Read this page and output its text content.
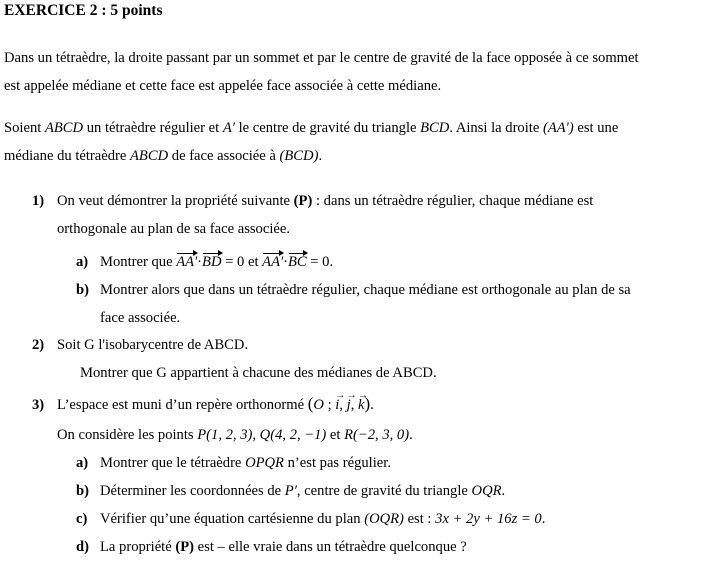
EXERCICE 2 : 5 points
Dans un tétraèdre, la droite passant par un sommet et par le centre de gravité de la face opposée à ce sommet
est appelée médiane et cette face est appelée face associée à cette médiane.
Soient ABCD un tétraèdre régulier et A′ le centre de gravité du triangle BCD. Ainsi la droite (AA′) est une
médiane du tétraèdre ABCD de face associée à (BCD).
1) On veut démontrer la propriété suivante (P) : dans un tétraèdre régulier, chaque médiane est
orthogonale au plan de sa face associée.
a) Montrer que AA'·BD = 0 et AA'·BC = 0.
b) Montrer alors que dans un tétraèdre régulier, chaque médiane est orthogonale au plan de sa
face associée.
2) Soit G l'isobarycentre de ABCD.
Montrer que G appartient à chacune des médianes de ABCD.
3) L’espace est muni d’un repère orthonormé (O ;
→
i,
→
j,
→
k).
On considère les points P(1, 2, 3), Q(4, 2, −1) et R(−2, 3, 0).
a) Montrer que le tétraèdre OPQR n’est pas régulier.
b) Déterminer les coordonnées de P′, centre de gravité du triangle OQR.
c) Vérifier qu’une équation cartésienne du plan (OQR) est : 3x + 2y + 16z = 0.
d) La propriété (P) est – elle vraie dans un tétraèdre quelconque ?
